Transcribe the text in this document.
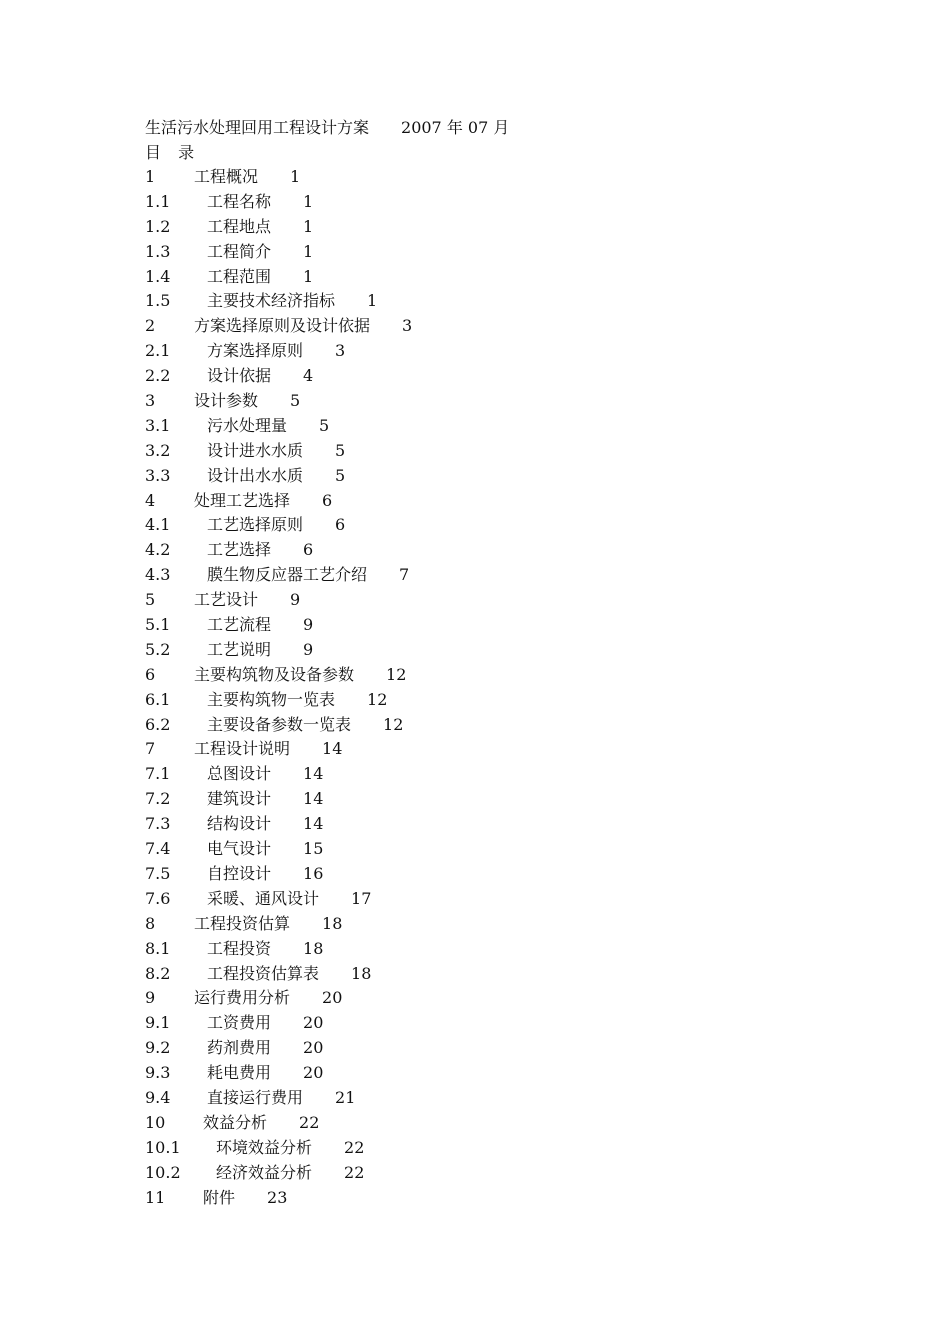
生活污水处理回用工程设计方案 2007 年 07 月
目 录
1 工程概况 1
1.1 工程名称 1
1.2 工程地点 1
1.3 工程简介 1
1.4 工程范围 1
1.5 主要技术经济指标 1
2 方案选择原则及设计依据 3
2.1 方案选择原则 3
2.2 设计依据 4
3 设计参数 5
3.1 污水处理量 5
3.2 设计进水水质 5
3.3 设计出水水质 5
4 处理工艺选择 6
4.1 工艺选择原则 6
4.2 工艺选择 6
4.3 膜生物反应器工艺介绍 7
5 工艺设计 9
5.1 工艺流程 9
5.2 工艺说明 9
6 主要构筑物及设备参数 12
6.1 主要构筑物一览表 12
6.2 主要设备参数一览表 12
7 工程设计说明 14
7.1 总图设计 14
7.2 建筑设计 14
7.3 结构设计 14
7.4 电气设计 15
7.5 自控设计 16
7.6 采暖、通风设计 17
8 工程投资估算 18
8.1 工程投资 18
8.2 工程投资估算表 18
9 运行费用分析 20
9.1 工资费用 20
9.2 药剂费用 20
9.3 耗电费用 20
9.4 直接运行费用 21
10 效益分析 22
10.1 环境效益分析 22
10.2 经济效益分析 22
11 附件 23
